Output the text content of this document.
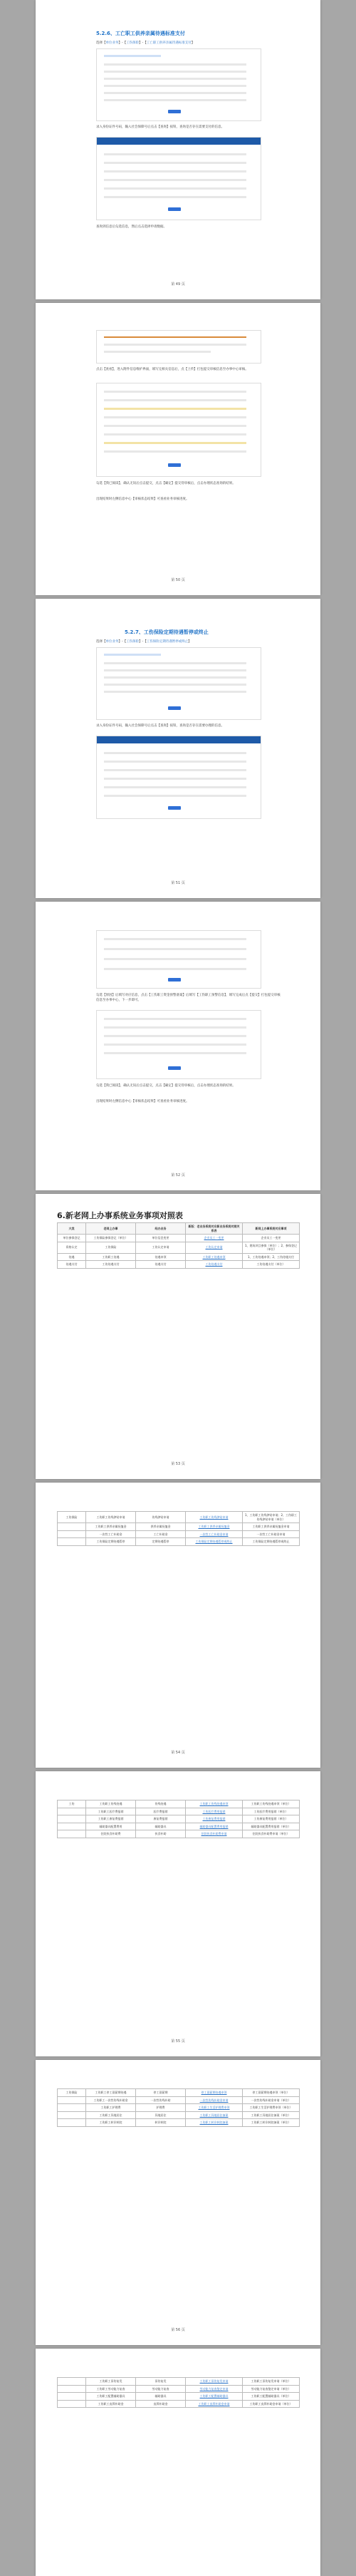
5.2.6、工亡职工供养亲属待遇标准支付
选择【单位业务】-【工伤保险】-【工亡职工供养亲属待遇标准支付】
录入身份证件号码，输入社会保障号后点击【查询】按钮，查询是否存在需要支付的信息。
查询到信息后勾选信息，然后点击选择申请数据。
第 49 页
点击【查看】，进入附件信息维护界面，填写完相关信息后，点【上传】打包提交审核信息至办事中心审核。
勾选【我已阅读】，确认无误后点击提交，点击【确定】提交待审核后，点击办理状态查询的结果。
出现结果时左侧信息中心【审核状态结果】可查看业务审核进度。
第 50 页
5.2.7、工伤保险定期待遇暂停或终止
选择【单位业务】-【工伤保险】-【工伤保险定期待遇暂停或终止】
录入身份证件号码，输入社会保障号后点击【查询】按钮，查询是否存在需要办理的信息。
第 51 页
勾选【原因】后填写对应信息，点击【工伤职工资金预警备案】后填写【工伤职工预警信息】，填写完成后点【提交】打包提交审核信息至办事中心，下一步即可。
勾选【我已阅读】，确认无误后点击提交，点击【确定】提交待审核后，点击办理状态查询的结果。
出现结果时左侧信息中心【审核状态结果】可查看业务审核进度。
第 52 页
6.新老网上办事系统业务事项对照表
大类	老网上办事	经办业务	新版：老业务系统对应新业务系统对照关系表	新网上办事系统对应事项
单位参保登记	工伤保险参保登记（单位）	单位信息变更	企业员工一变更	企业员工一变更
资格认定	工伤保险	工伤认定申请	工伤认定申请	1、建筑项目参保（单位）；2、参保登记（单位）
待遇	工伤职工待遇	待遇申领	工伤职工待遇申领	1、工伤待遇申领；2、工伤待遇支付
待遇支付	工伤待遇支付	待遇支付	工伤待遇支付	工伤待遇支付（单位）
第 53 页
工伤保险	工伤职工伤残津贴申请	伤残津贴申请	工伤职工伤残津贴申请	1、工伤职工伤残津贴申请；2、工伤职工伤残津贴申请（单位）
	工伤职工供养亲属抚恤金	供养亲属抚恤金	工伤职工供养亲属抚恤金	工伤职工供养亲属抚恤金申请
	一次性工亡补助金	工亡补助金	一次性工亡补助金申请	一次性工亡补助金申请
	工伤保险定期待遇暂停	定期待遇暂停	工伤保险定期待遇暂停或终止	工伤保险定期待遇暂停或终止
第 54 页
工伤	工伤职工伤残待遇	伤残待遇	工伤职工伤残待遇申领	工伤职工伤残待遇申领（单位）
	工伤职工医疗费报销	医疗费报销	工伤医疗费用报销	工伤医疗费用报销（单位）
	工伤职工康复费报销	康复费报销	工伤康复费用报销	工伤康复费用报销（单位）
	辅助器具配置费用	辅助器具	辅助器具配置费用报销	辅助器具配置费用报销（单位）
	住院伙食补助费	伙食补助	住院伙食补助费申请	住院伙食补助费申请（单位）
第 55 页
工伤保险	工伤职工停工留薪期待遇	停工留薪期	停工留薪期待遇申领	停工留薪期待遇申领（单位）
	工伤职工一次性伤残补助金	一次性伤残补助	一次性伤残补助金申请	一次性伤残补助金申请（单位）
	工伤职工护理费	护理费	工伤职工生活护理费申领	工伤职工生活护理费申领（单位）
	工伤职工异地居住	异地居住	工伤职工异地居住备案	工伤职工异地居住备案（单位）
	工伤职工转诊转院	转诊转院	工伤职工转诊转院备案	工伤职工转诊转院备案（单位）
第 56 页
	工伤职工旧伤复发	旧伤复发	工伤职工旧伤复发申请	工伤职工旧伤复发申请（单位）
	工伤职工劳动能力复查	劳动能力复查	劳动能力复查鉴定申请	劳动能力复查鉴定申请（单位）
	工伤职工配置辅助器具	辅助器具	工伤职工配置辅助器具	工伤职工配置辅助器具（单位）
	工伤职工丧葬补助金	丧葬补助金	工伤职工丧葬补助金申请	工伤职工丧葬补助金申请（单位）
